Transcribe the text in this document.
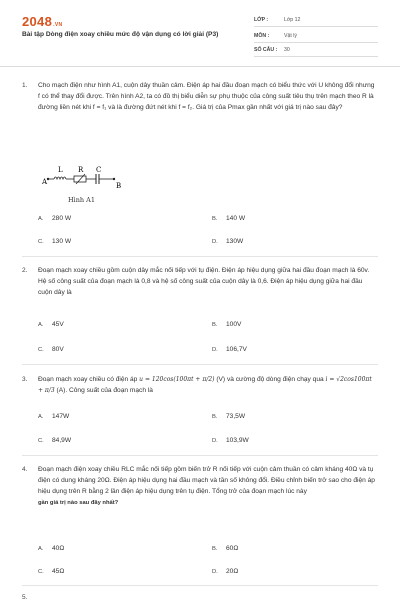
2048.VN
Bài tập Dòng điện xoay chiều mức độ vận dụng có lời giải (P3)
LỚP :	Lớp 12
MÔN :	Vật lý
SỐ CÂU : 30
1. Cho mạch điện như hình A1, cuộn dây thuần cảm. Điện áp hai đầu đoạn mạch có biểu thức với U không đổi nhưng f có thể thay đổi được. Trên hình A2, ta có đồ thị biểu diễn sự phụ thuộc của công suất tiêu thụ trên mạch theo R là đường liền nét khi f = f₁ và là đường đứt nét khi f = f₂. Giá trị của Pmax gần nhất với giá trị nào sau đây?
L R C
A	B
Hình A1
A. 280 W	B. 140 W
C. 130 W	D. 130W
2. Đoạn mạch xoay chiều gồm cuộn dây mắc nối tiếp với tụ điện. Điện áp hiệu dụng giữa hai đầu đoạn mạch là 60v. Hệ số công suất của đoạn mạch là 0,8 và hệ số công suất của cuộn dây là 0,6. Điện áp hiệu dụng giữa hai đầu cuộn dây là
A. 45V	B. 100V
C. 80V	D. 106,7V
3. Đoạn mạch xoay chiều có điện áp u = 120cos(100πt + π/2) (V) và cường độ dòng điện chạy qua i = √2cos100πt + π/3 (A). Công suất của đoạn mạch là
A. 147W	B. 73,5W
C. 84,9W	D. 103,9W
4. Đoạn mạch điện xoay chiều RLC mắc nối tiếp gồm biến trở R nối tiếp với cuộn cảm thuần có cảm kháng 40Ω và tụ điện có dung kháng 20Ω. Điện áp hiệu dụng hai đầu mạch và tần số không đổi. Điều chỉnh biến trở sao cho điện áp hiệu dụng trên R bằng 2 lần điện áp hiệu dụng trên tụ điện. Tổng trở của đoạn mạch lúc này
gần giá trị nào sau đây nhất?
A. 40Ω	B. 60Ω
C. 45Ω	D. 20Ω
5.
